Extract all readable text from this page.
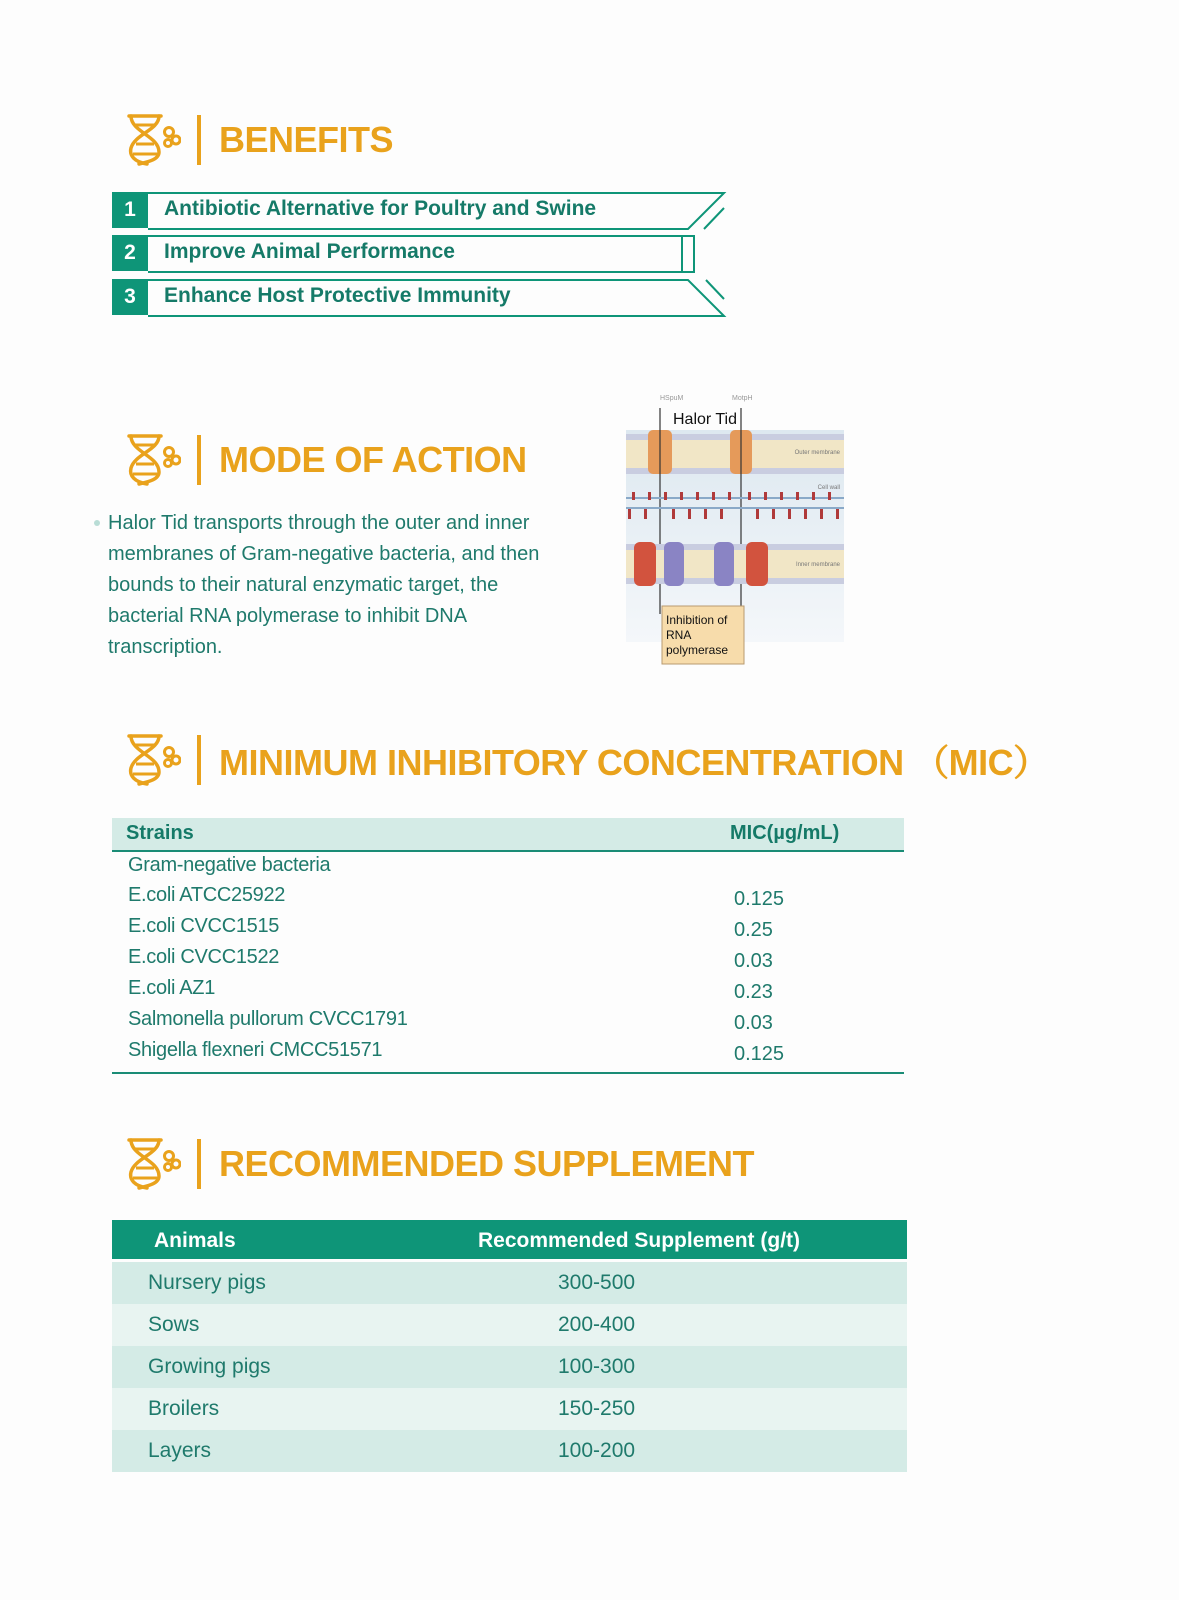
BENEFITS
1	Antibiotic Alternative for Poultry and Swine
2	Improve Animal Performance
3	Enhance Host Protective Immunity
MODE OF ACTION
Halor Tid transports through the outer and inner membranes of Gram-negative bacteria, and then bounds to their natural enzymatic target, the bacterial RNA polymerase to inhibit DNA transcription.
HSpuM	MotpH
Halor Tid
Outer membrane
Cell wall
Inner membrane
Inhibition of
RNA
polymerase
MINIMUM INHIBITORY CONCENTRATION （MIC）
Strains	MIC(µg/mL)
Gram-negative bacteria
E.coli ATCC25922	0.125
E.coli CVCC1515	0.25
E.coli CVCC1522	0.03
E.coli AZ1	0.23
Salmonella pullorum CVCC1791	0.03
Shigella flexneri CMCC51571	0.125
RECOMMENDED SUPPLEMENT
Animals	Recommended Supplement (g/t)
Nursery pigs	300-500
Sows	200-400
Growing pigs	100-300
Broilers	150-250
Layers	100-200
